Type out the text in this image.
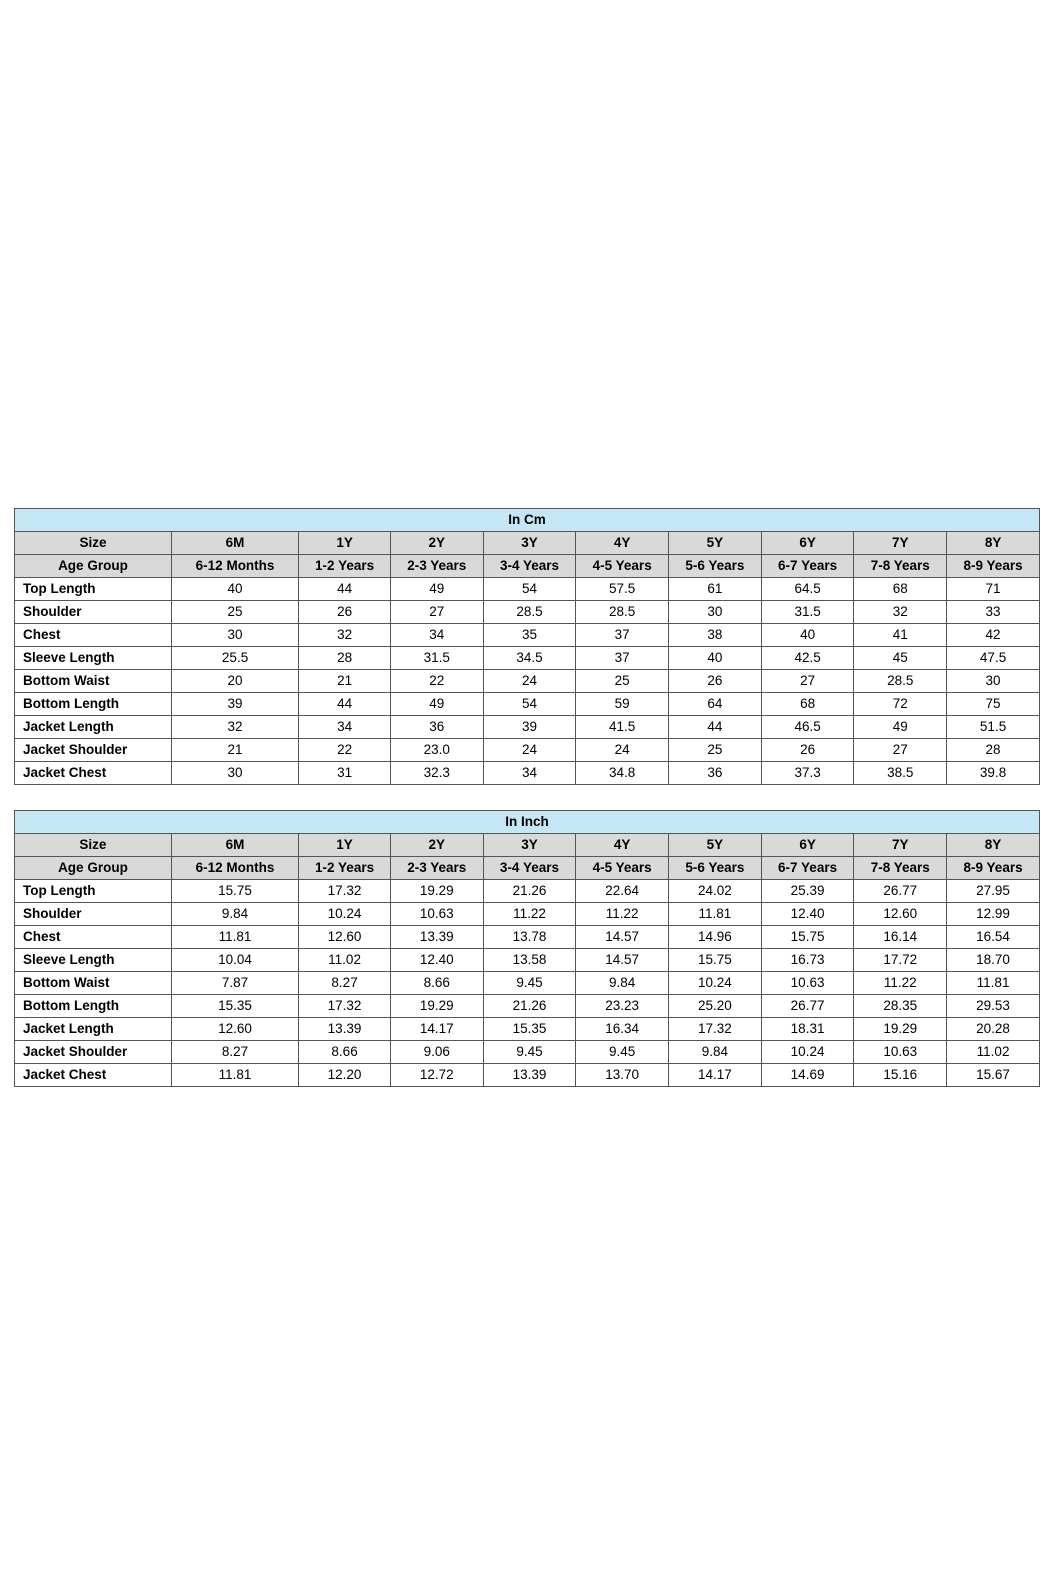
In Cm									
Size	6M	1Y	2Y	3Y	4Y	5Y	6Y	7Y	8Y
Age Group	6-12 Months	1-2 Years	2-3 Years	3-4 Years	4-5 Years	5-6 Years	6-7 Years	7-8 Years	8-9 Years
Top Length	40	44	49	54	57.5	61	64.5	68	71
Shoulder	25	26	27	28.5	28.5	30	31.5	32	33
Chest	30	32	34	35	37	38	40	41	42
Sleeve Length	25.5	28	31.5	34.5	37	40	42.5	45	47.5
Bottom Waist	20	21	22	24	25	26	27	28.5	30
Bottom Length	39	44	49	54	59	64	68	72	75
Jacket Length	32	34	36	39	41.5	44	46.5	49	51.5
Jacket Shoulder	21	22	23.0	24	24	25	26	27	28
Jacket Chest	30	31	32.3	34	34.8	36	37.3	38.5	39.8
In Inch									
Size	6M	1Y	2Y	3Y	4Y	5Y	6Y	7Y	8Y
Age Group	6-12 Months	1-2 Years	2-3 Years	3-4 Years	4-5 Years	5-6 Years	6-7 Years	7-8 Years	8-9 Years
Top Length	15.75	17.32	19.29	21.26	22.64	24.02	25.39	26.77	27.95
Shoulder	9.84	10.24	10.63	11.22	11.22	11.81	12.40	12.60	12.99
Chest	11.81	12.60	13.39	13.78	14.57	14.96	15.75	16.14	16.54
Sleeve Length	10.04	11.02	12.40	13.58	14.57	15.75	16.73	17.72	18.70
Bottom Waist	7.87	8.27	8.66	9.45	9.84	10.24	10.63	11.22	11.81
Bottom Length	15.35	17.32	19.29	21.26	23.23	25.20	26.77	28.35	29.53
Jacket Length	12.60	13.39	14.17	15.35	16.34	17.32	18.31	19.29	20.28
Jacket Shoulder	8.27	8.66	9.06	9.45	9.45	9.84	10.24	10.63	11.02
Jacket Chest	11.81	12.20	12.72	13.39	13.70	14.17	14.69	15.16	15.67
